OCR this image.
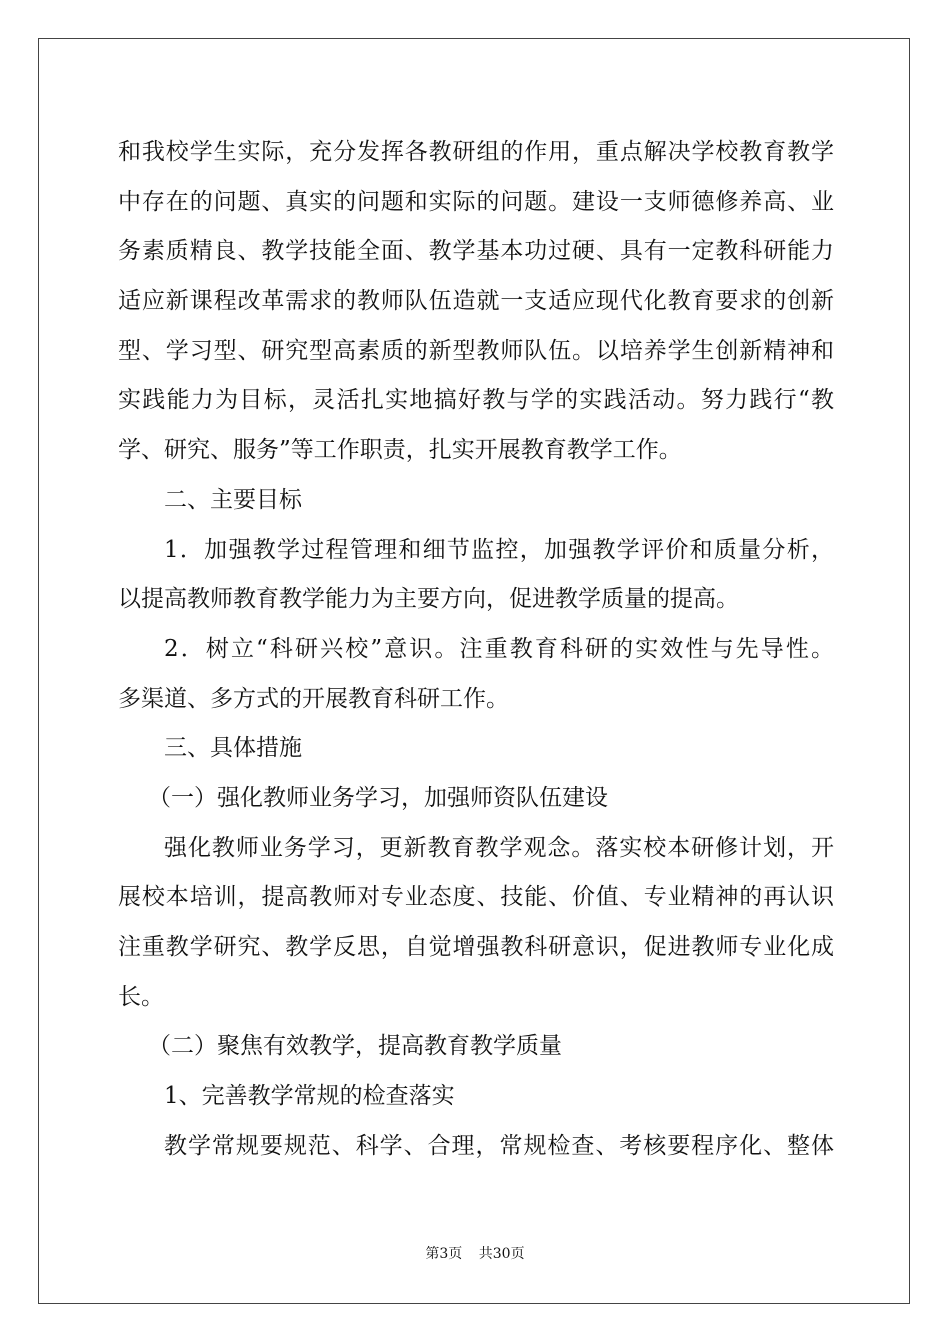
和我校学生实际，充分发挥各教研组的作用，重点解决学校教育教学
中存在的问题、真实的问题和实际的问题。建设一支师德修养高、业
务素质精良、教学技能全面、教学基本功过硬、具有一定教科研能力
适应新课程改革需求的教师队伍造就一支适应现代化教育要求的创新
型、学习型、研究型高素质的新型教师队伍。以培养学生创新精神和
实践能力为目标，灵活扎实地搞好教与学的实践活动。努力践行“教
学、研究、服务”等工作职责，扎实开展教育教学工作。
二、主要目标
1．加强教学过程管理和细节监控，加强教学评价和质量分析，
以提高教师教育教学能力为主要方向，促进教学质量的提高。
2．树立“科研兴校”意识。注重教育科研的实效性与先导性。
多渠道、多方式的开展教育科研工作。
三、具体措施
（一）强化教师业务学习，加强师资队伍建设
强化教师业务学习，更新教育教学观念。落实校本研修计划，开
展校本培训，提高教师对专业态度、技能、价值、专业精神的再认识
注重教学研究、教学反思，自觉增强教科研意识，促进教师专业化成
长。
（二）聚焦有效教学，提高教育教学质量
1、完善教学常规的检查落实
教学常规要规范、科学、合理，常规检查、考核要程序化、整体
第3页 共30页
